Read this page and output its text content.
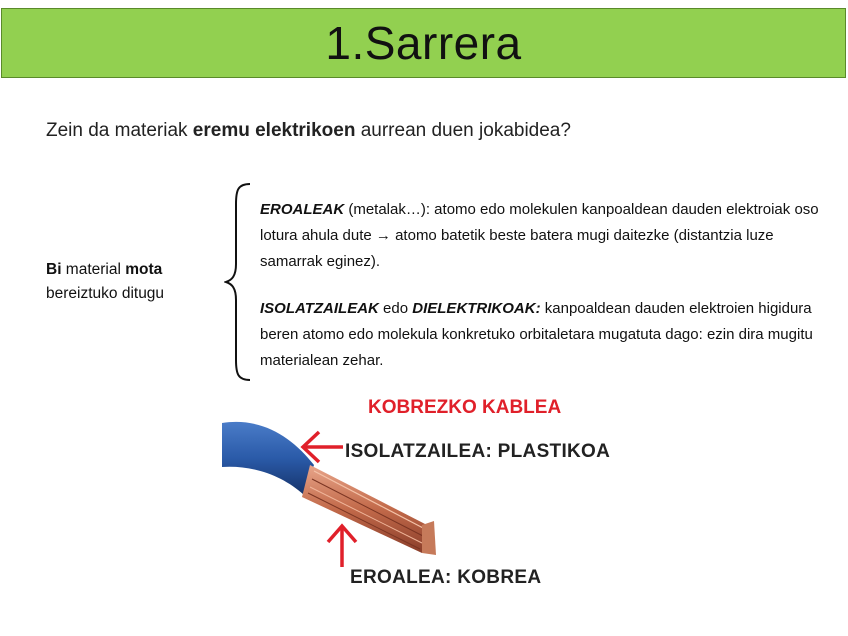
1.Sarrera
Zein da materiak eremu elektrikoen aurrean duen jokabidea?
Bi material mota
bereiztuko ditugu
EROALEAK (metalak…): atomo edo molekulen kanpoaldean dauden elektroiak oso lotura ahula dute → atomo batetik beste batera mugi daitezke (distantzia luze samarrak eginez).
ISOLATZAILEAK edo DIELEKTRIKOAK: kanpoaldean dauden elektroien higidura beren atomo edo molekula konkretuko orbitaletara mugatuta dago: ezin dira mugitu materialean zehar.
KOBREZKO KABLEA
ISOLATZAILEA: PLASTIKOA
EROALEA: KOBREA
